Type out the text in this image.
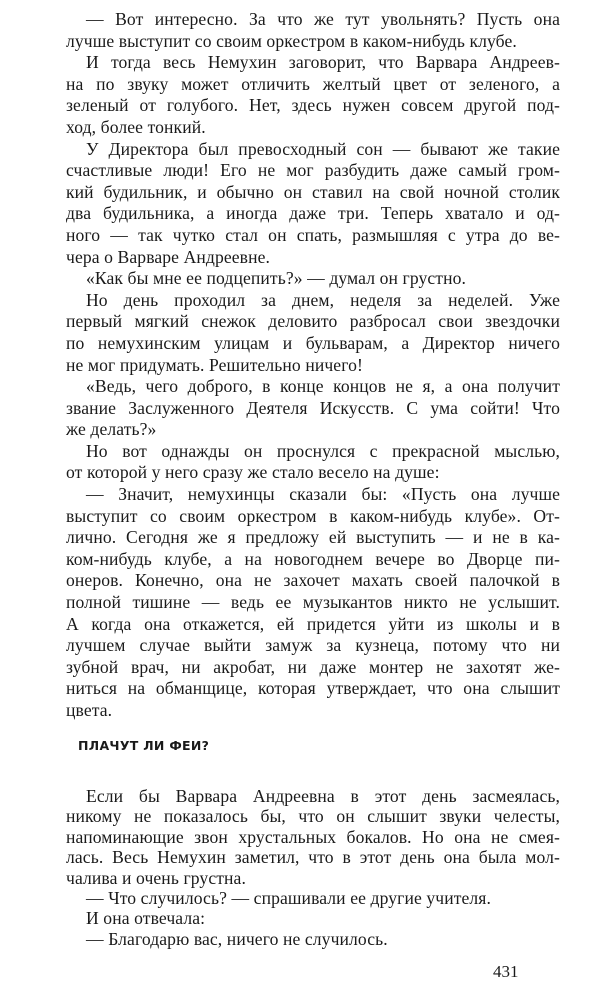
— Вот интересно. За что же тут увольнять? Пусть она
лучше выступит со своим оркестром в каком-нибудь клубе.
И тогда весь Немухин заговорит, что Варвара Андреев-
на по звуку может отличить желтый цвет от зеленого, а
зеленый от голубого. Нет, здесь нужен совсем другой под-
ход, более тонкий.
У Директора был превосходный сон — бывают же такие
счастливые люди! Его не мог разбудить даже самый гром-
кий будильник, и обычно он ставил на свой ночной столик
два будильника, а иногда даже три. Теперь хватало и од-
ного — так чутко стал он спать, размышляя с утра до ве-
чера о Варваре Андреевне.
«Как бы мне ее подцепить?» — думал он грустно.
Но день проходил за днем, неделя за неделей. Уже
первый мягкий снежок деловито разбросал свои звездочки
по немухинским улицам и бульварам, а Директор ничего
не мог придумать. Решительно ничего!
«Ведь, чего доброго, в конце концов не я, а она получит
звание Заслуженного Деятеля Искусств. С ума сойти! Что
же делать?»
Но вот однажды он проснулся с прекрасной мыслью,
от которой у него сразу же стало весело на душе:
— Значит, немухинцы сказали бы: «Пусть она лучше
выступит со своим оркестром в каком-нибудь клубе». От-
лично. Сегодня же я предложу ей выступить — и не в ка-
ком-нибудь клубе, а на новогоднем вечере во Дворце пи-
онеров. Конечно, она не захочет махать своей палочкой в
полной тишине — ведь ее музыкантов никто не услышит.
А когда она откажется, ей придется уйти из школы и в
лучшем случае выйти замуж за кузнеца, потому что ни
зубной врач, ни акробат, ни даже монтер не захотят же-
ниться на обманщице, которая утверждает, что она слышит
цвета.
ПЛАЧУТ ЛИ ФЕИ?
Если бы Варвара Андреевна в этот день засмеялась,
никому не показалось бы, что он слышит звуки челесты,
напоминающие звон хрустальных бокалов. Но она не смея-
лась. Весь Немухин заметил, что в этот день она была мол-
чалива и очень грустна.
— Что случилось? — спрашивали ее другие учителя.
И она отвечала:
— Благодарю вас, ничего не случилось.
431
